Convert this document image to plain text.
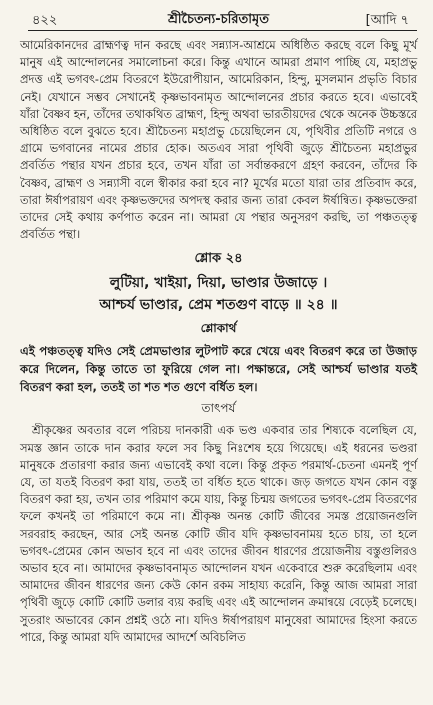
৪২২	শ্রীচৈতন্য-চরিতামৃত	[আদি ৭

আমেরিকানদের ব্রাহ্মণত্ব দান করছে এবং সন্ন্যাস-আশ্রমে অধিষ্ঠিত করছে বলে কিছু মূর্খ মানুষ এই আন্দোলনের সমালোচনা করে। কিন্তু এখানে আমরা প্রমাণ পাচ্ছি যে, মহাপ্রভু প্রদত্ত এই ভগবৎ-প্রেম বিতরণে ইউরোপীয়ান, আমেরিকান, হিন্দু, মুসলমান প্রভৃতি বিচার নেই। যেখানে সম্ভব সেখানেই কৃষ্ণভাবনামৃত আন্দোলনের প্রচার করতে হবে। এভাবেই যাঁরা বৈষ্ণব হন, তাঁদের তথাকথিত ব্রাহ্মণ, হিন্দু অথবা ভারতীয়দের থেকে অনেক উচ্চস্তরে অধিষ্ঠিত বলে বুঝতে হবে। শ্রীচৈতন্য মহাপ্রভু চেয়েছিলেন যে, পৃথিবীর প্রতিটি নগরে ও গ্রামে ভগবানের নামের প্রচার হোক। অতএব সারা পৃথিবী জুড়ে শ্রীচৈতন্য মহাপ্রভুর প্রবর্তিত পন্থার যখন প্রচার হবে, তখন যাঁরা তা সর্বান্তকরণে গ্রহণ করবেন, তাঁদের কি বৈষ্ণব, ব্রাহ্মণ ও সন্ন্যাসী বলে স্বীকার করা হবে না? মূর্খের মতো যারা তার প্রতিবাদ করে, তারা ঈর্ষাপরায়ণ এবং কৃষ্ণভক্তদের অপদস্থ করার জন্য তারা কেবল ঈর্ষান্বিত। কৃষ্ণভক্তেরা তাদের সেই কথায় কর্ণপাত করেন না। আমরা যে পন্থার অনুসরণ করছি, তা পঞ্চতত্ত্ব প্রবর্তিত পন্থা।

শ্লোক ২৪
লুটিয়া, খাইয়া, দিয়া, ভাণ্ডার উজাড়ে ।
আশ্চর্য ভাণ্ডার, প্রেম শতগুণ বাড়ে ॥ ২৪ ॥
শ্লোকার্থ

এই পঞ্চতত্ত্ব যদিও সেই প্রেমভাণ্ডার লুটপাট করে খেয়ে এবং বিতরণ করে তা উজাড় করে দিলেন, কিন্তু তাতে তা ফুরিয়ে গেল না। পক্ষান্তরে, সেই আশ্চর্য ভাণ্ডার যতই বিতরণ করা হল, ততই তা শত শত গুণে বর্ধিত হল।

তাৎপর্য

শ্রীকৃষ্ণের অবতার বলে পরিচয় দানকারী এক ভণ্ড একবার তার শিষ্যকে বলেছিল যে, সমস্ত জ্ঞান তাকে দান করার ফলে সব কিছু নিঃশেষ হয়ে গিয়েছে। এই ধরনের ভণ্ডরা মানুষকে প্রতারণা করার জন্য এভাবেই কথা বলে। কিন্তু প্রকৃত পরমার্থ-চেতনা এমনই পূর্ণ যে, তা যতই বিতরণ করা যায়, ততই তা বর্ধিত হতে থাকে। জড় জগতে যখন কোন বস্তু বিতরণ করা হয়, তখন তার পরিমাণ কমে যায়, কিন্তু চিন্ময় জগতের ভগবৎ-প্রেম বিতরণের ফলে কখনই তা পরিমাণে কমে না। শ্রীকৃষ্ণ অনন্ত কোটি জীবের সমস্ত প্রয়োজনগুলি সরবরাহ করছেন, আর সেই অনন্ত কোটি জীব যদি কৃষ্ণভাবনাময় হতে চায়, তা হলে ভগবৎ-প্রেমের কোন অভাব হবে না এবং তাদের জীবন ধারণের প্রয়োজনীয় বস্তুগুলিরও অভাব হবে না। আমাদের কৃষ্ণভাবনামৃত আন্দোলন যখন একেবারে শুরু করেছিলাম এবং আমাদের জীবন ধারণের জন্য কেউ কোন রকম সাহায্য করেনি, কিন্তু আজ আমরা সারা পৃথিবী জুড়ে কোটি কোটি ডলার ব্যয় করছি এবং এই আন্দোলন ক্রমান্বয়ে বেড়েই চলেছে। সুতরাং অভাবের কোন প্রশ্নই ওঠে না। যদিও ঈর্ষাপরায়ণ মানুষেরা আমাদের হিংসা করতে পারে, কিন্তু আমরা যদি আমাদের আদর্শে অবিচলিত
